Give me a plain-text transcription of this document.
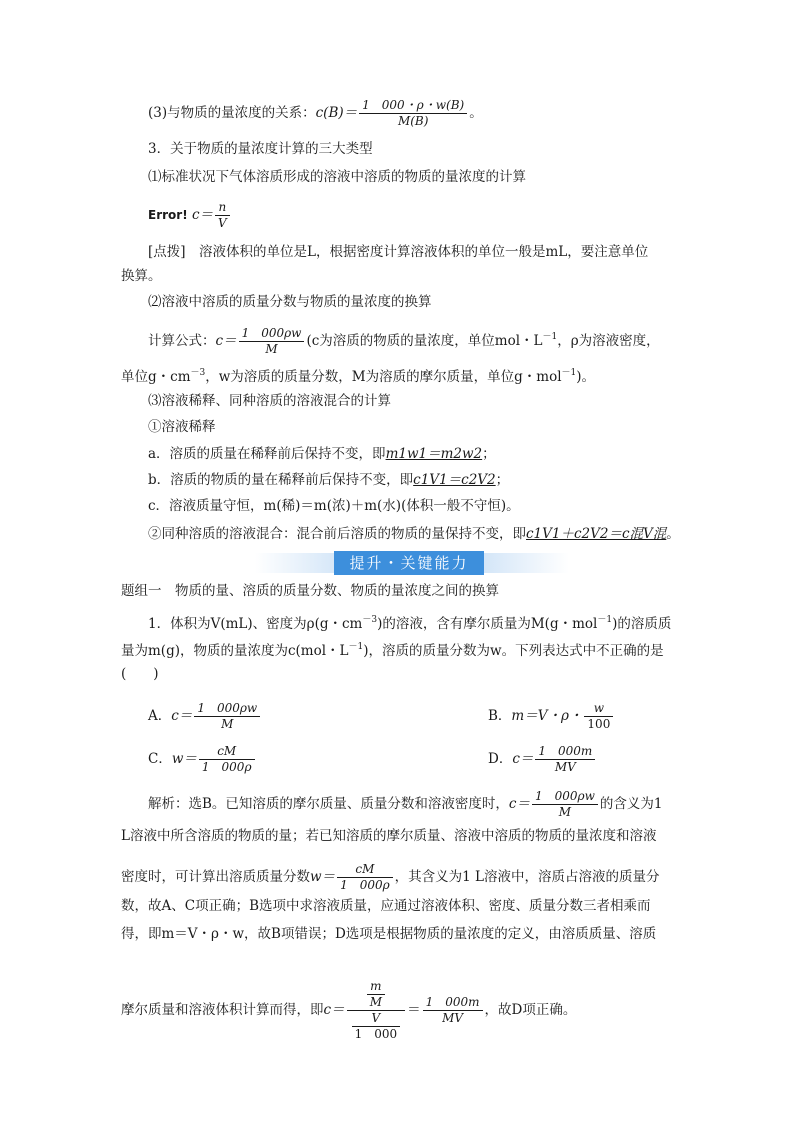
(3)与物质的量浓度的关系：$c(B)= \frac{1 000・\rho・w(B)}{M(B)}$ 。
3．关于物质的量浓度计算的三大类型
⑴标准状况下气体溶质形成的溶液中溶质的物质的量浓度的计算
Error! $c= \frac{n}{V}$
[点拨]　溶液体积的单位是L，根据密度计算溶液体积的单位一般是mL，要注意单位
换算。
⑵溶液中溶质的质量分数与物质的量浓度的换算
计算公式：$c= \frac{1 000\rho w}{M} (c$为溶质的物质的量浓度，单位mol・$L^{-1}$，ρ为溶液密度，
单位g・$cm^{-3}$，w为溶质的质量分数，M为溶质的摩尔质量，单位g・mol$^{-1}$)。
⑶溶液稀释、同种溶质的溶液混合的计算
①溶液稀释
a．溶质的质量在稀释前后保持不变，即m1w1＝m2w2；
b．溶质的物质的量在稀释前后保持不变，即c1V1＝c2V2；
c．溶液质量守恒，m(稀)＝m(浓)＋m(水)(体积一般不守恒)。
②同种溶质的溶液混合：混合前后溶质的物质的量保持不变，即c1V1＋c2V2＝c混V混。
提升・关键能力
题组一　物质的量、溶质的质量分数、物质的量浓度之间的换算
1．体积为V(mL)、密度为ρ(g・$cm^{-3}$)的溶液，含有摩尔质量为M(g・mol$^{-1}$)的溶质质
量为m(g)，物质的量浓度为c(mol・$L^{-1}$)，溶质的质量分数为w。下列表达式中不正确的是
(　　)
A．$c= \frac{1 000\rho w}{M}$	B．m＝V・ρ・ $\frac{w}{100}$
C．$w= \frac{cM}{1 000\rho}$	D．$c= \frac{1 000m}{MV}$
解析：选B。已知溶质的摩尔质量、质量分数和溶液密度时，$c= \frac{1 000\rho w}{M}$ 的含义为1
L溶液中所含溶质的物质的量；若已知溶质的摩尔质量、溶液中溶质的物质的量浓度和溶液
密度时，可计算出溶质质量分数$w= \frac{cM}{1 000\rho}$ ，其含义为1 L溶液中，溶质占溶液的质量分
数，故A、C项正确；B选项中求溶液质量，应通过溶液体积、密度、质量分数三者相乘而
得，即m＝V・ρ・w，故B项错误；D选项是根据物质的量浓度的定义，由溶质质量、溶质
摩尔质量和溶液体积计算而得，即$c= \frac{\frac{m}{M}}{\frac{V}{1 000}} = \frac{1 000m}{MV}$ ，故D项正确。
